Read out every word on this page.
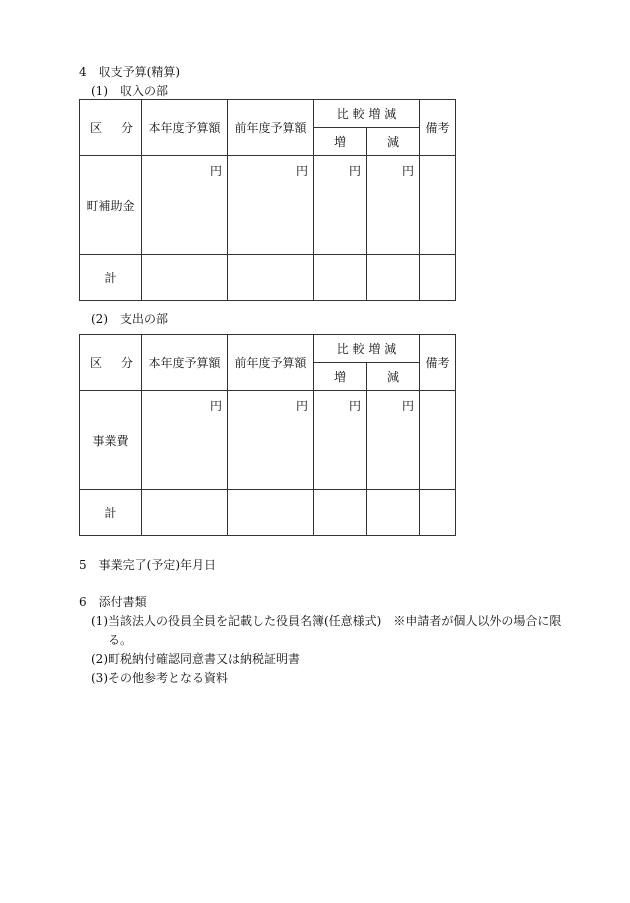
4　収支予算(精算)
(1)　収入の部
区 分	本年度予算額	前年度予算額	比 較 増 減		備考
			増	減	
町補助金	円	円	円	円	
計					
(2)　支出の部
区 分	本年度予算額	前年度予算額	比 較 増 減		備考
			増	減	
事業費	円	円	円	円	
計					
5　事業完了(予定)年月日
6　添付書類
(1)当該法人の役員全員を記載した役員名簿(任意様式)　※申請者が個人以外の場合に限
る。
(2)町税納付確認同意書又は納税証明書
(3)その他参考となる資料
